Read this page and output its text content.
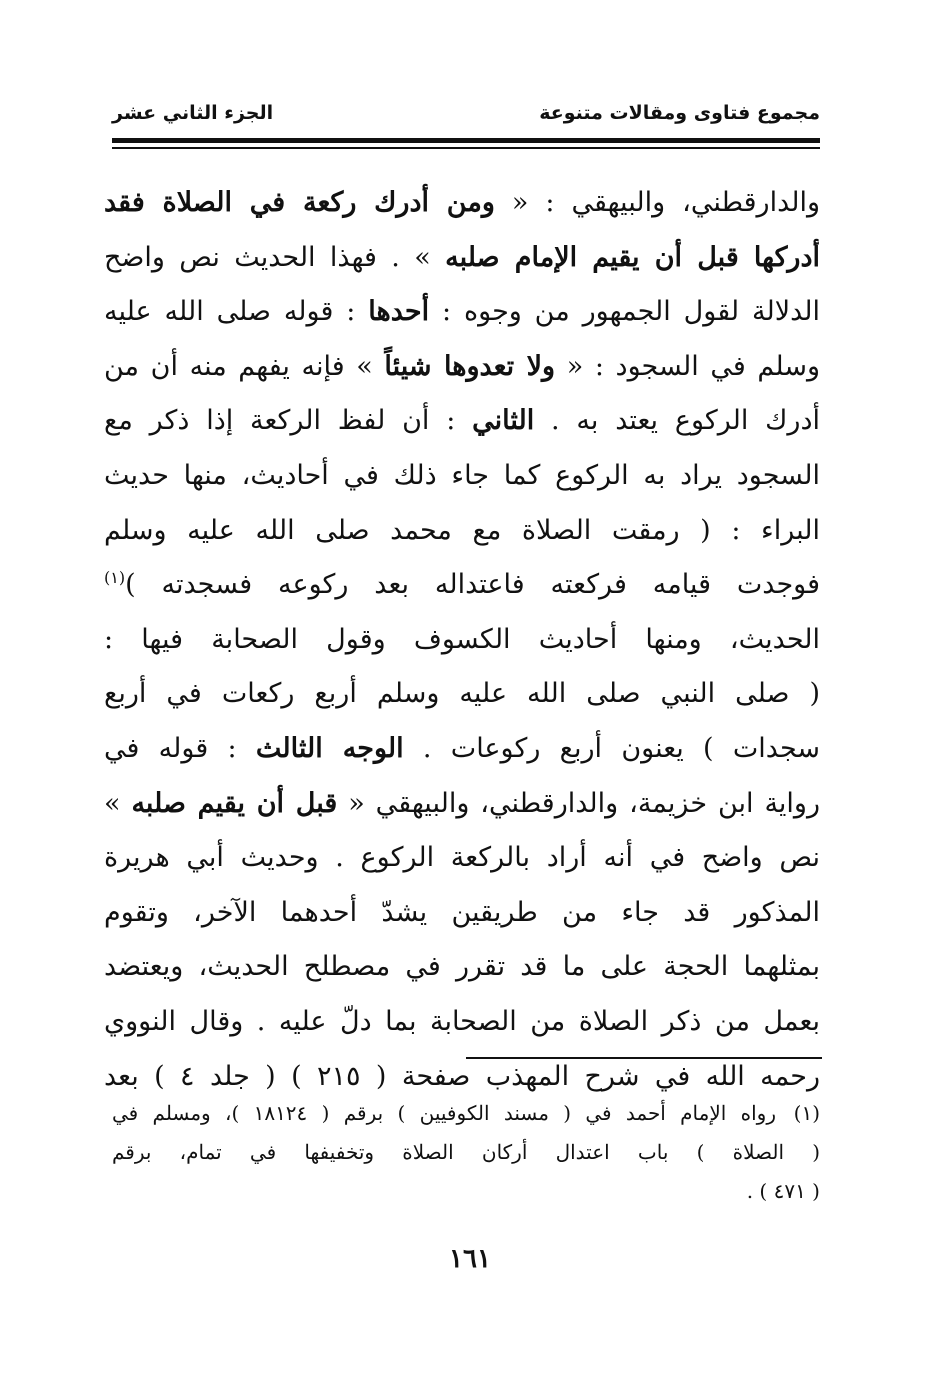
مجموع فتاوى ومقالات متنوعة
الجزء الثاني عشر
والدارقطني، والبيهقي : « ومن أدرك ركعة في الصلاة فقد
أدركها قبل أن يقيم الإمام صلبه » . فهذا الحديث نص واضح
الدلالة لقول الجمهور من وجوه : أحدها : قوله صلى الله عليه
وسلم في السجود : « ولا تعدوها شيئاً » فإنه يفهم منه أن من
أدرك الركوع يعتد به . الثاني : أن لفظ الركعة إذا ذكر مع
السجود يراد به الركوع كما جاء ذلك في أحاديث، منها حديث
البراء : ( رمقت الصلاة مع محمد صلى الله عليه وسلم
فوجدت قيامه فركعته فاعتداله بعد ركوعه فسجدته )$^{(١)}$
الحديث، ومنها أحاديث الكسوف وقول الصحابة فيها :
( صلى النبي صلى الله عليه وسلم أربع ركعات في أربع
سجدات ) يعنون أربع ركوعات . الوجه الثالث : قوله في
رواية ابن خزيمة، والدارقطني، والبيهقي « قبل أن يقيم صلبه »
نص واضح في أنه أراد بالركعة الركوع . وحديث أبي هريرة
المذكور قد جاء من طريقين يشدّ أحدهما الآخر، وتقوم
بمثلهما الحجة على ما قد تقرر في مصطلح الحديث، ويعتضد
بعمل من ذكر الصلاة من الصحابة بما دلّ عليه . وقال النووي
رحمه الله في شرح المهذب صفحة ( ٢١٥ ) ( جلد ٤ ) بعد
(١)رواه الإمام أحمد في ( مسند الكوفيين ) برقم ( ١٨١٢٤ )، ومسلم في
( الصلاة ) باب اعتدال أركان الصلاة وتخفيفها في تمام، برقم
( ٤٧١ ) .
١٦١
